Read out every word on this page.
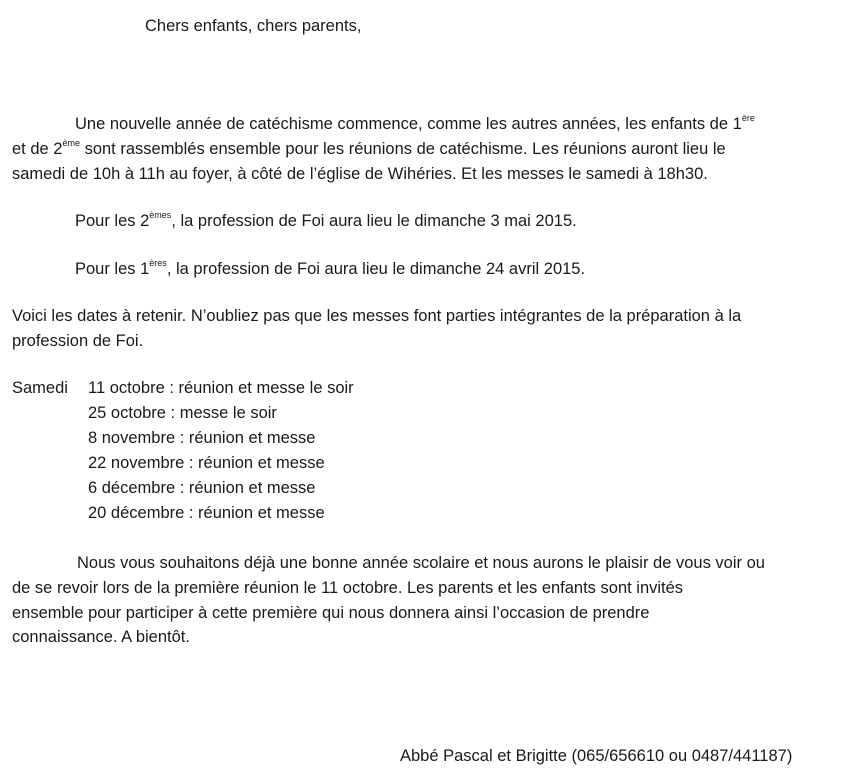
Chers enfants, chers parents,
Une nouvelle année de catéchisme commence, comme les autres années, les enfants de 1ère
et de 2ème sont rassemblés ensemble pour les réunions de catéchisme. Les réunions auront lieu le
samedi de 10h à 11h au foyer, à côté de l’église de Wihéries. Et les messes le samedi à 18h30.
Pour les 2èmes, la profession de Foi aura lieu le dimanche 3 mai 2015.
Pour les 1ères, la profession de Foi aura lieu le dimanche 24 avril 2015.
Voici les dates à retenir. N’oubliez pas que les messes font parties intégrantes de la préparation à la
profession de Foi.
Samedi 11 octobre : réunion et messe le soir
25 octobre : messe le soir
8 novembre : réunion et messe
22 novembre : réunion et messe
6 décembre : réunion et messe
20 décembre : réunion et messe
Nous vous souhaitons déjà une bonne année scolaire et nous aurons le plaisir de vous voir ou
de se revoir lors de la première réunion le 11 octobre. Les parents et les enfants sont invités
ensemble pour participer à cette première qui nous donnera ainsi l’occasion de prendre
connaissance. A bientôt.
Abbé Pascal et Brigitte (065/656610 ou 0487/441187)
